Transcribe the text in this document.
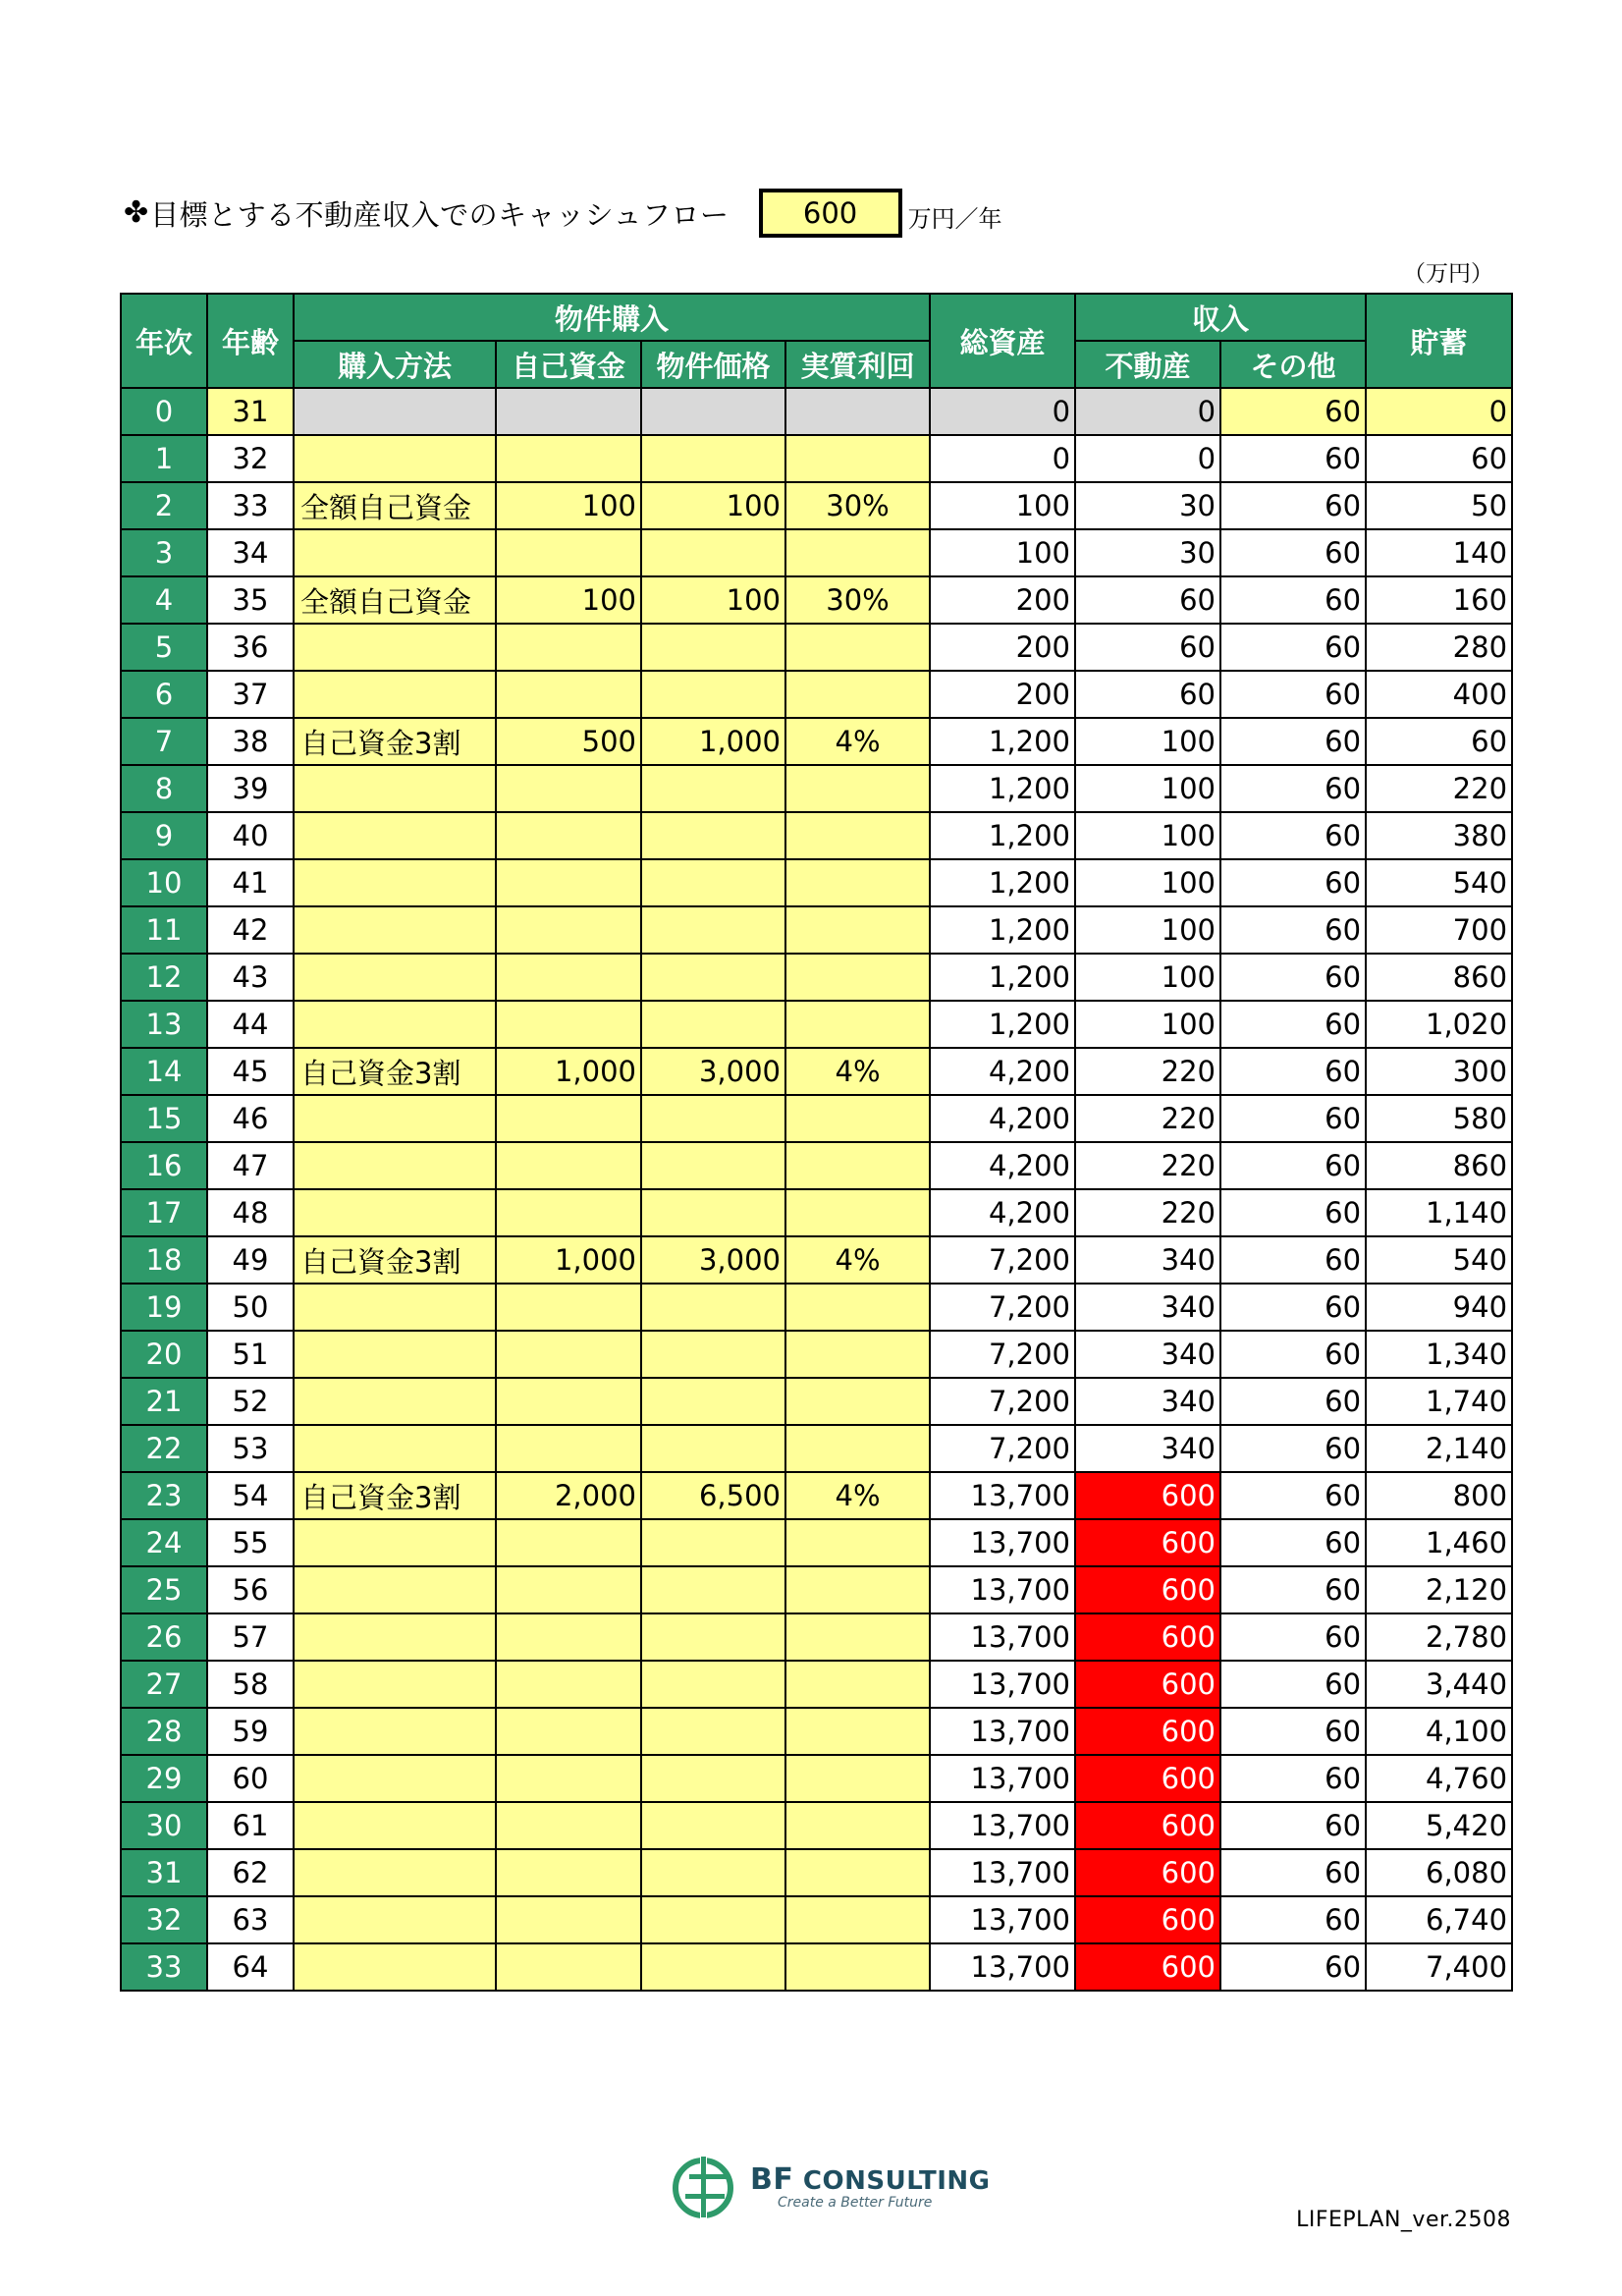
✤ 目標とする不動産収入でのキャッシュフロー	600	万円／年
（万円）
年次	年齢	物件購入				総資産	収入		貯蓄
		購入方法	自己資金	物件価格	実質利回		不動産	その他	
0	31					0	0	60	0
1	32					0	0	60	60
2	33	全額自己資金	100	100	30%	100	30	60	50
3	34					100	30	60	140
4	35	全額自己資金	100	100	30%	200	60	60	160
5	36					200	60	60	280
6	37					200	60	60	400
7	38	自己資金3割	500	1,000	4%	1,200	100	60	60
8	39					1,200	100	60	220
9	40					1,200	100	60	380
10	41					1,200	100	60	540
11	42					1,200	100	60	700
12	43					1,200	100	60	860
13	44					1,200	100	60	1,020
14	45	自己資金3割	1,000	3,000	4%	4,200	220	60	300
15	46					4,200	220	60	580
16	47					4,200	220	60	860
17	48					4,200	220	60	1,140
18	49	自己資金3割	1,000	3,000	4%	7,200	340	60	540
19	50					7,200	340	60	940
20	51					7,200	340	60	1,340
21	52					7,200	340	60	1,740
22	53					7,200	340	60	2,140
23	54	自己資金3割	2,000	6,500	4%	13,700	600	60	800
24	55					13,700	600	60	1,460
25	56					13,700	600	60	2,120
26	57					13,700	600	60	2,780
27	58					13,700	600	60	3,440
28	59					13,700	600	60	4,100
29	60					13,700	600	60	4,760
30	61					13,700	600	60	5,420
31	62					13,700	600	60	6,080
32	63					13,700	600	60	6,740
33	64					13,700	600	60	7,400
BF CONSULTING
Create a Better Future
LIFEPLAN_ver.2508
